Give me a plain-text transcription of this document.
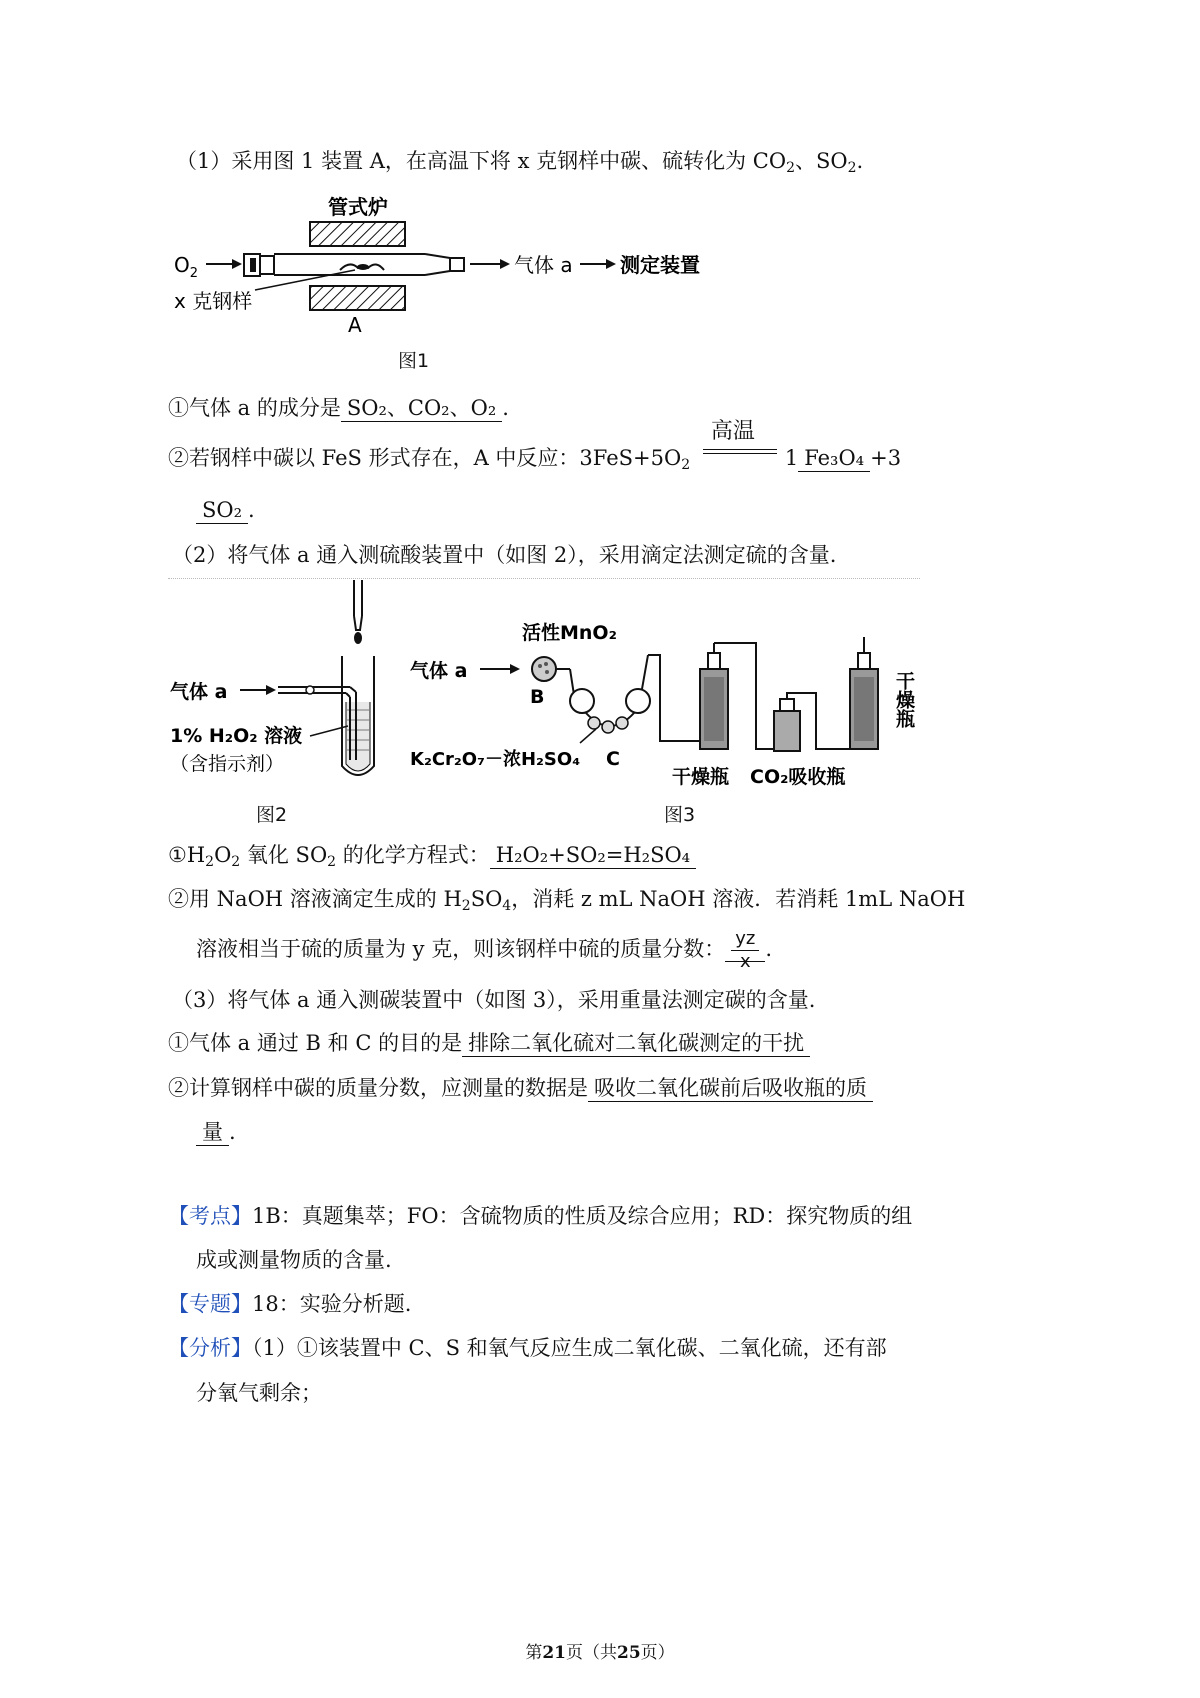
（1）采用图 1 装置 A，在高温下将 x 克钢样中碳、硫转化为 $CO_2$、$SO_2$.
管式炉
$O_2$	气体 a 测定装置
x 克钢样
A
图1
①气体 a 的成分是 SO₂、CO₂、O₂ .
②若钢样中碳以 FeS 形式存在，A 中反应：$3FeS+5O_2$
高温
1 Fe₃O₄ +3
SO₂ .
（2）将气体 a 通入测硫酸装置中（如图 2），采用滴定法测定硫的含量.
气体 a
1% H₂O₂ 溶液
（含指示剂）
图2
气体 a
活性MnO₂
B
K₂Cr₂O₇－浓H₂SO₄ C
干燥瓶
干燥瓶 CO₂吸收瓶
图3
$①H_2O_2$ 氧化 $SO_2$ 的化学方程式： H₂O₂+SO₂=H₂SO₄
②用 NaOH 溶液滴定生成的 $H_2SO_4$，消耗 z mL NaOH 溶液．若消耗 1mL NaOH
溶液相当于硫的质量为 y 克，则该钢样中硫的质量分数： $\frac{yz}{x}$ .
（3）将气体 a 通入测碳装置中（如图 3），采用重量法测定碳的含量.
①气体 a 通过 B 和 C 的目的是 排除二氧化硫对二氧化碳测定的干扰
②计算钢样中碳的质量分数，应测量的数据是 吸收二氧化碳前后吸收瓶的质
量 .
【考点】1B：真题集萃；FO：含硫物质的性质及综合应用；RD：探究物质的组
成或测量物质的含量.
【专题】18：实验分析题.
【分析】（1）①该装置中 C、S 和氧气反应生成二氧化碳、二氧化硫，还有部
分氧气剩余；
第21页（共25页）
